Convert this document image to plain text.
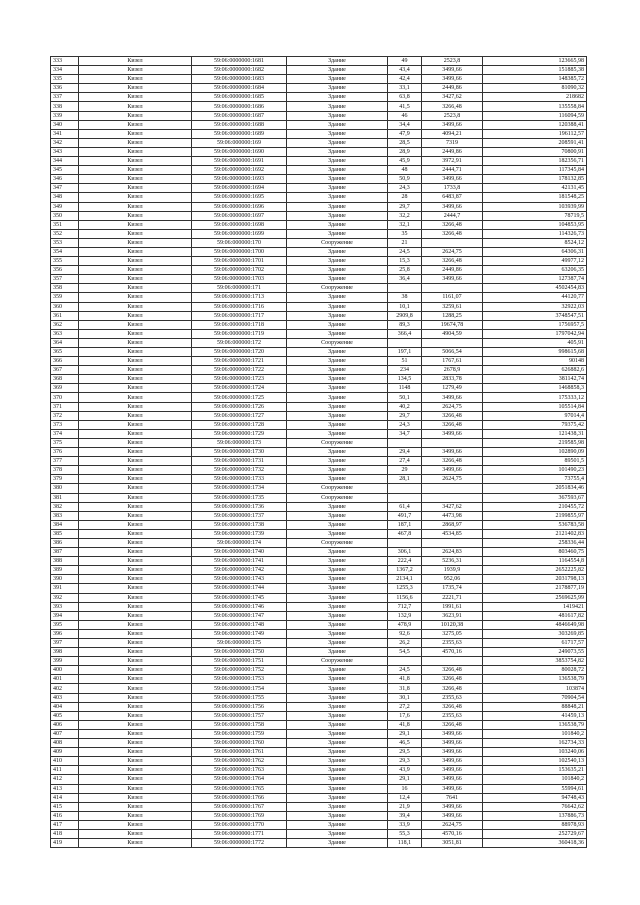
333	Кизел	59:06:0000000:1681	Здание	49	2523,8	123665,98
334	Кизел	59:06:0000000:1682	Здание	43,4	3499,66	151885,38
335	Кизел	59:06:0000000:1683	Здание	42,4	3499,66	148385,72
336	Кизел	59:06:0000000:1684	Здание	33,1	2449,86	81090,32
337	Кизел	59:06:0000000:1685	Здание	63,8	3427,62	218682
338	Кизел	59:06:0000000:1686	Здание	41,5	3266,48	135558,84
339	Кизел	59:06:0000000:1687	Здание	46	2523,8	116094,59
340	Кизел	59:06:0000000:1688	Здание	34,4	3499,66	120388,41
341	Кизел	59:06:0000000:1689	Здание	47,9	4094,21	196112,57
342	Кизел	59:06:000000:169	Здание	28,5	7319	208591,41
343	Кизел	59:06:0000000:1690	Здание	28,9	2449,86	70800,91
344	Кизел	59:06:0000000:1691	Здание	45,9	3972,91	182356,71
345	Кизел	59:06:0000000:1692	Здание	48	2444,71	117345,84
346	Кизел	59:06:0000000:1693	Здание	50,9	3499,66	178132,85
347	Кизел	59:06:0000000:1694	Здание	24,3	1733,8	42131,45
348	Кизел	59:06:0000000:1695	Здание	28	6483,87	181548,25
349	Кизел	59:06:0000000:1696	Здание	29,7	3499,66	103939,99
350	Кизел	59:06:0000000:1697	Здание	32,2	2444,7	78719,5
351	Кизел	59:06:0000000:1698	Здание	32,1	3266,48	104853,95
352	Кизел	59:06:0000000:1699	Здание	35	3266,48	114326,73
353	Кизел	59:06:000000:170	Сооружение	21		8524,12
354	Кизел	59:06:0000000:1700	Здание	24,5	2624,75	64306,31
355	Кизел	59:06:0000000:1701	Здание	15,3	3266,48	49977,12
356	Кизел	59:06:0000000:1702	Здание	25,8	2449,86	63206,35
357	Кизел	59:06:0000000:1703	Здание	36,4	3499,66	127387,74
358	Кизел	59:06:000000:171	Сооружение			4502454,83
359	Кизел	59:06:0000000:1713	Здание	38	1161,07	44120,77
360	Кизел	59:06:0000000:1716	Здание	10,1	3259,61	32922,03
361	Кизел	59:06:0000000:1717	Здание	2909,8	1288,25	3748547,51
362	Кизел	59:06:0000000:1718	Здание	89,3	19674,78	1756957,5
363	Кизел	59:06:0000000:1719	Здание	366,4	4904,59	1797042,94
364	Кизел	59:06:000000:172	Сооружение			405,91
365	Кизел	59:06:0000000:1720	Здание	197,1	5066,54	998615,68
366	Кизел	59:06:0000000:1721	Здание	51	1767,61	90148
367	Кизел	59:06:0000000:1722	Здание	234	2678,9	626882,6
368	Кизел	59:06:0000000:1723	Здание	134,5	2833,78	381142,74
369	Кизел	59:06:0000000:1724	Здание	1148	1279,49	1468858,3
370	Кизел	59:06:0000000:1725	Здание	50,1	3499,66	175333,12
371	Кизел	59:06:0000000:1726	Здание	40,2	2624,75	105514,84
372	Кизел	59:06:0000000:1727	Здание	29,7	3266,48	97014,4
373	Кизел	59:06:0000000:1728	Здание	24,3	3266,48	79375,42
374	Кизел	59:06:0000000:1729	Здание	34,7	3499,66	121438,31
375	Кизел	59:06:000000:173	Сооружение			219585,98
376	Кизел	59:06:0000000:1730	Здание	29,4	3499,66	102890,09
377	Кизел	59:06:0000000:1731	Здание	27,4	3266,48	89501,5
378	Кизел	59:06:0000000:1732	Здание	29	3499,66	101490,23
379	Кизел	59:06:0000000:1733	Здание	28,1	2624,75	73755,4
380	Кизел	59:06:0000000:1734	Сооружение			2051834,46
381	Кизел	59:06:0000000:1735	Сооружение			367593,67
382	Кизел	59:06:0000000:1736	Здание	61,4	3427,62	210455,72
383	Кизел	59:06:0000000:1737	Здание	491,7	4473,98	2199855,97
384	Кизел	59:06:0000000:1738	Здание	187,1	2868,97	536783,58
385	Кизел	59:06:0000000:1739	Здание	467,8	4534,85	2121402,83
386	Кизел	59:06:000000:174	Сооружение			258336,44
387	Кизел	59:06:0000000:1740	Здание	306,1	2624,83	803460,75
388	Кизел	59:06:0000000:1741	Здание	222,4	5236,31	1164554,8
389	Кизел	59:06:0000000:1742	Здание	1367,2	1939,9	2652225,82
390	Кизел	59:06:0000000:1743	Здание	2134,1	952,06	2031798,13
391	Кизел	59:06:0000000:1744	Здание	1255,3	1735,74	2178877,19
392	Кизел	59:06:0000000:1745	Здание	1156,6	2221,71	2569625,99
393	Кизел	59:06:0000000:1746	Здание	712,7	1991,61	1419421
394	Кизел	59:06:0000000:1747	Здание	132,9	3623,91	481617,82
395	Кизел	59:06:0000000:1748	Здание	478,9	10120,38	4846649,98
396	Кизел	59:06:0000000:1749	Здание	92,6	3275,05	303269,85
397	Кизел	59:06:000000:175	Здание	26,2	2355,63	61717,57
398	Кизел	59:06:0000000:1750	Здание	54,5	4570,16	249073,55
399	Кизел	59:06:0000000:1751	Сооружение			3853754,82
400	Кизел	59:06:0000000:1752	Здание	24,5	3266,48	80028,72
401	Кизел	59:06:0000000:1753	Здание	41,8	3266,48	136538,79
402	Кизел	59:06:0000000:1754	Здание	31,8	3266,48	103874
403	Кизел	59:06:0000000:1755	Здание	30,1	2355,63	70904,54
404	Кизел	59:06:0000000:1756	Здание	27,2	3266,48	88848,21
405	Кизел	59:06:0000000:1757	Здание	17,6	2355,63	41459,13
406	Кизел	59:06:0000000:1758	Здание	41,8	3266,48	136538,79
407	Кизел	59:06:0000000:1759	Здание	29,1	3499,66	101840,2
408	Кизел	59:06:0000000:1760	Здание	46,5	3499,66	162734,33
409	Кизел	59:06:0000000:1761	Здание	29,5	3499,66	103240,06
410	Кизел	59:06:0000000:1762	Здание	29,3	3499,66	102540,13
411	Кизел	59:06:0000000:1763	Здание	43,9	3499,66	153635,21
412	Кизел	59:06:0000000:1764	Здание	29,1	3499,66	101840,2
413	Кизел	59:06:0000000:1765	Здание	16	3499,66	55994,61
414	Кизел	59:06:0000000:1766	Здание	12,4	7641	94748,43
415	Кизел	59:06:0000000:1767	Здание	21,9	3499,66	76642,62
416	Кизел	59:06:0000000:1769	Здание	39,4	3499,66	137886,73
417	Кизел	59:06:0000000:1770	Здание	33,9	2624,75	88978,93
418	Кизел	59:06:0000000:1771	Здание	55,3	4570,16	252729,67
419	Кизел	59:06:0000000:1772	Здание	118,1	3051,81	360418,36
